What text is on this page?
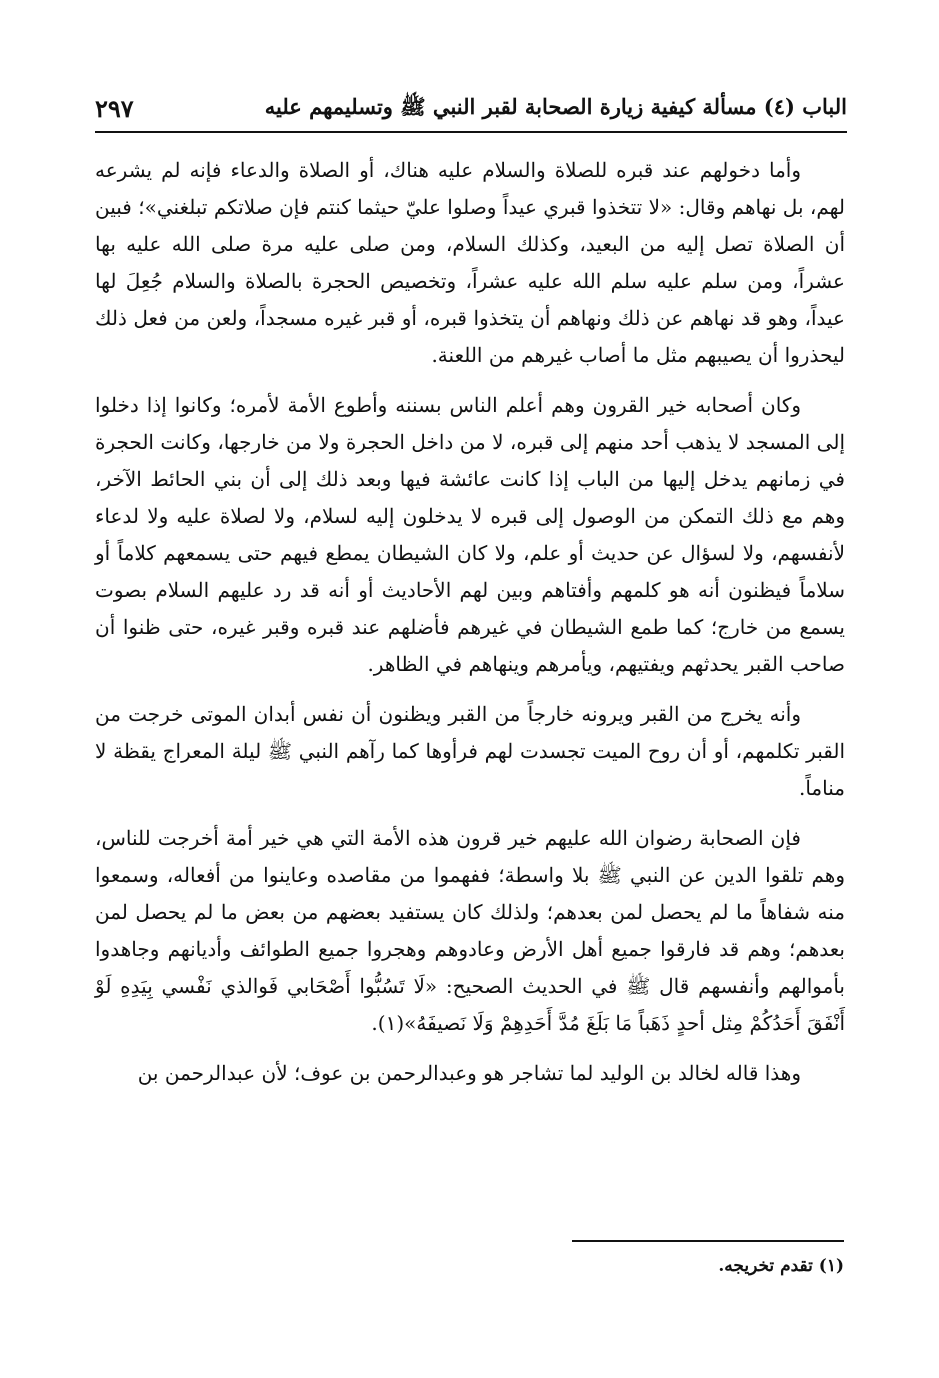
الباب (٤) مسألة كيفية زيارة الصحابة لقبر النبي ﷺ وتسليمهم عليه
٢٩٧

وأما دخولهم عند قبره للصلاة والسلام عليه هناك، أو الصلاة والدعاء فإنه لم يشرعه لهم، بل نهاهم وقال: «لا تتخذوا قبري عيداً وصلوا عليّ حيثما كنتم فإن صلاتكم تبلغني»؛ فبين أن الصلاة تصل إليه من البعيد، وكذلك السلام، ومن صلى عليه مرة صلى الله عليه بها عشراً، ومن سلم عليه سلم الله عليه عشراً، وتخصيص الحجرة بالصلاة والسلام جُعِلَ لها عيداً، وهو قد نهاهم عن ذلك ونهاهم أن يتخذوا قبره، أو قبر غيره مسجداً، ولعن من فعل ذلك ليحذروا أن يصيبهم مثل ما أصاب غيرهم من اللعنة.

وكان أصحابه خير القرون وهم أعلم الناس بسننه وأطوع الأمة لأمره؛ وكانوا إذا دخلوا إلى المسجد لا يذهب أحد منهم إلى قبره، لا من داخل الحجرة ولا من خارجها، وكانت الحجرة في زمانهم يدخل إليها من الباب إذا كانت عائشة فيها وبعد ذلك إلى أن بني الحائط الآخر، وهم مع ذلك التمكن من الوصول إلى قبره لا يدخلون إليه لسلام، ولا لصلاة عليه ولا لدعاء لأنفسهم، ولا لسؤال عن حديث أو علم، ولا كان الشيطان يمطع فيهم حتى يسمعهم كلاماً أو سلاماً فيظنون أنه هو كلمهم وأفتاهم وبين لهم الأحاديث أو أنه قد رد عليهم السلام بصوت يسمع من خارج؛ كما طمع الشيطان في غيرهم فأضلهم عند قبره وقبر غيره، حتى ظنوا أن صاحب القبر يحدثهم ويفتيهم، ويأمرهم وينهاهم في الظاهر.

وأنه يخرج من القبر ويرونه خارجاً من القبر ويظنون أن نفس أبدان الموتى خرجت من القبر تكلمهم، أو أن روح الميت تجسدت لهم فرأوها كما رآهم النبي ﷺ ليلة المعراج يقظة لا مناماً.

فإن الصحابة رضوان الله عليهم خير قرون هذه الأمة التي هي خير أمة أخرجت للناس، وهم تلقوا الدين عن النبي ﷺ بلا واسطة؛ ففهموا من مقاصده وعاينوا من أفعاله، وسمعوا منه شفاهاً ما لم يحصل لمن بعدهم؛ ولذلك كان يستفيد بعضهم من بعض ما لم يحصل لمن بعدهم؛ وهم قد فارقوا جميع أهل الأرض وعادوهم وهجروا جميع الطوائف وأديانهم وجاهدوا بأموالهم وأنفسهم قال ﷺ في الحديث الصحيح: «لَا تَسُبُّوا أَصْحَابي فَوالذي نَفْسي بِيَدِهِ لَوْ أَنْفَقَ أَحَدُكُمْ مِثل أحدٍ ذَهَباً مَا بَلَغَ مُدَّ أَحَدِهِمْ وَلَا نَصيفَهُ»(١).

وهذا قاله لخالد بن الوليد لما تشاجر هو وعبدالرحمن بن عوف؛ لأن عبدالرحمن بن

(١) تقدم تخريجه.
